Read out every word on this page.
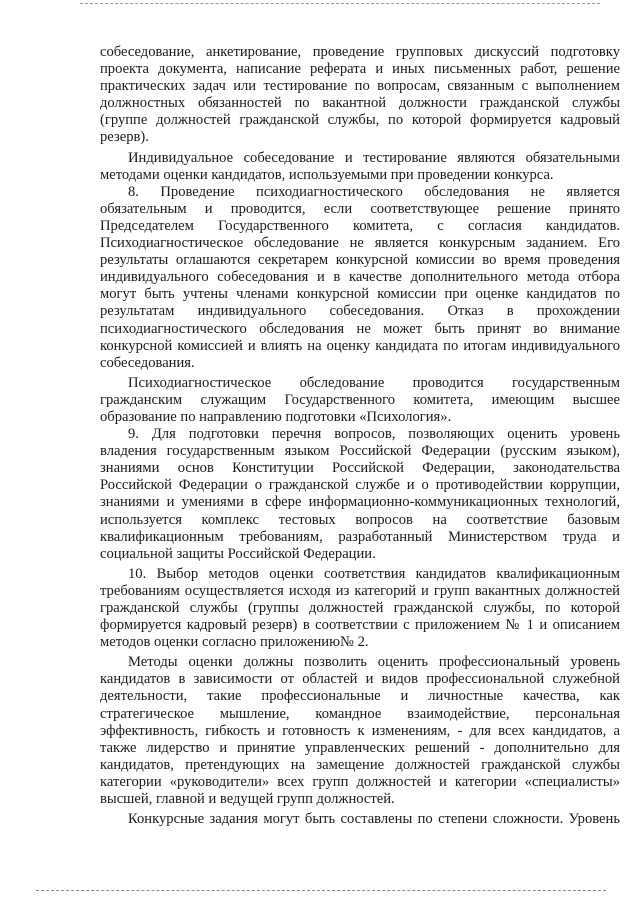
собеседование, анкетирование, проведение групповых дискуссий подготовку

проекта документа, написание реферата и иных письменных работ, решение

практических задач или тестирование по вопросам, связанным с выполнением

должностных обязанностей по вакантной должности гражданской службы

(группе должностей гражданской службы, по которой формируется кадровый

резерв).

Индивидуальное собеседование и тестирование являются обязательными

методами оценки кандидатов, используемыми при проведении конкурса.

8. Проведение психодиагностического обследования не является

обязательным и проводится, если соответствующее решение принято

Председателем Государственного комитета, с согласия кандидатов.

Психодиагностическое обследование не является конкурсным заданием. Его

результаты оглашаются секретарем конкурсной комиссии во время проведения

индивидуального собеседования и в качестве дополнительного метода отбора

могут быть учтены членами конкурсной комиссии при оценке кандидатов по

результатам индивидуального собеседования. Отказ в прохождении

психодиагностического обследования не может быть принят во внимание

конкурсной комиссией и влиять на оценку кандидата по итогам индивидуального

собеседования.

Психодиагностическое обследование проводится государственным

гражданским служащим Государственного комитета, имеющим высшее

образование по направлению подготовки «Психология».

9. Для подготовки перечня вопросов, позволяющих оценить уровень

владения государственным языком Российской Федерации (русским языком),

знаниями основ Конституции Российской Федерации, законодательства

Российской Федерации о гражданской службе и о противодействии коррупции,

знаниями и умениями в сфере информационно-коммуникационных технологий,

используется комплекс тестовых вопросов на соответствие базовым

квалификационным требованиям, разработанный Министерством труда и

социальной защиты Российской Федерации.

10. Выбор методов оценки соответствия кандидатов квалификационным

требованиям осуществляется исходя из категорий и групп вакантных должностей

гражданской службы (группы должностей гражданской службы, по которой

формируется кадровый резерв) в соответствии с приложением № 1 и описанием

методов оценки согласно приложению№ 2.

Методы оценки должны позволить оценить профессиональный уровень

кандидатов в зависимости от областей и видов профессиональной служебной

деятельности, такие профессиональные и личностные качества, как

стратегическое мышление, командное взаимодействие, персональная

эффективность, гибкость и готовность к изменениям, - для всех кандидатов, а

также лидерство и принятие управленческих решений - дополнительно для

кандидатов, претендующих на замещение должностей гражданской службы

категории «руководители» всех групп должностей и категории «специалисты»

высшей, главной и ведущей групп должностей.

Конкурсные задания могут быть составлены по степени сложности. Уровень
